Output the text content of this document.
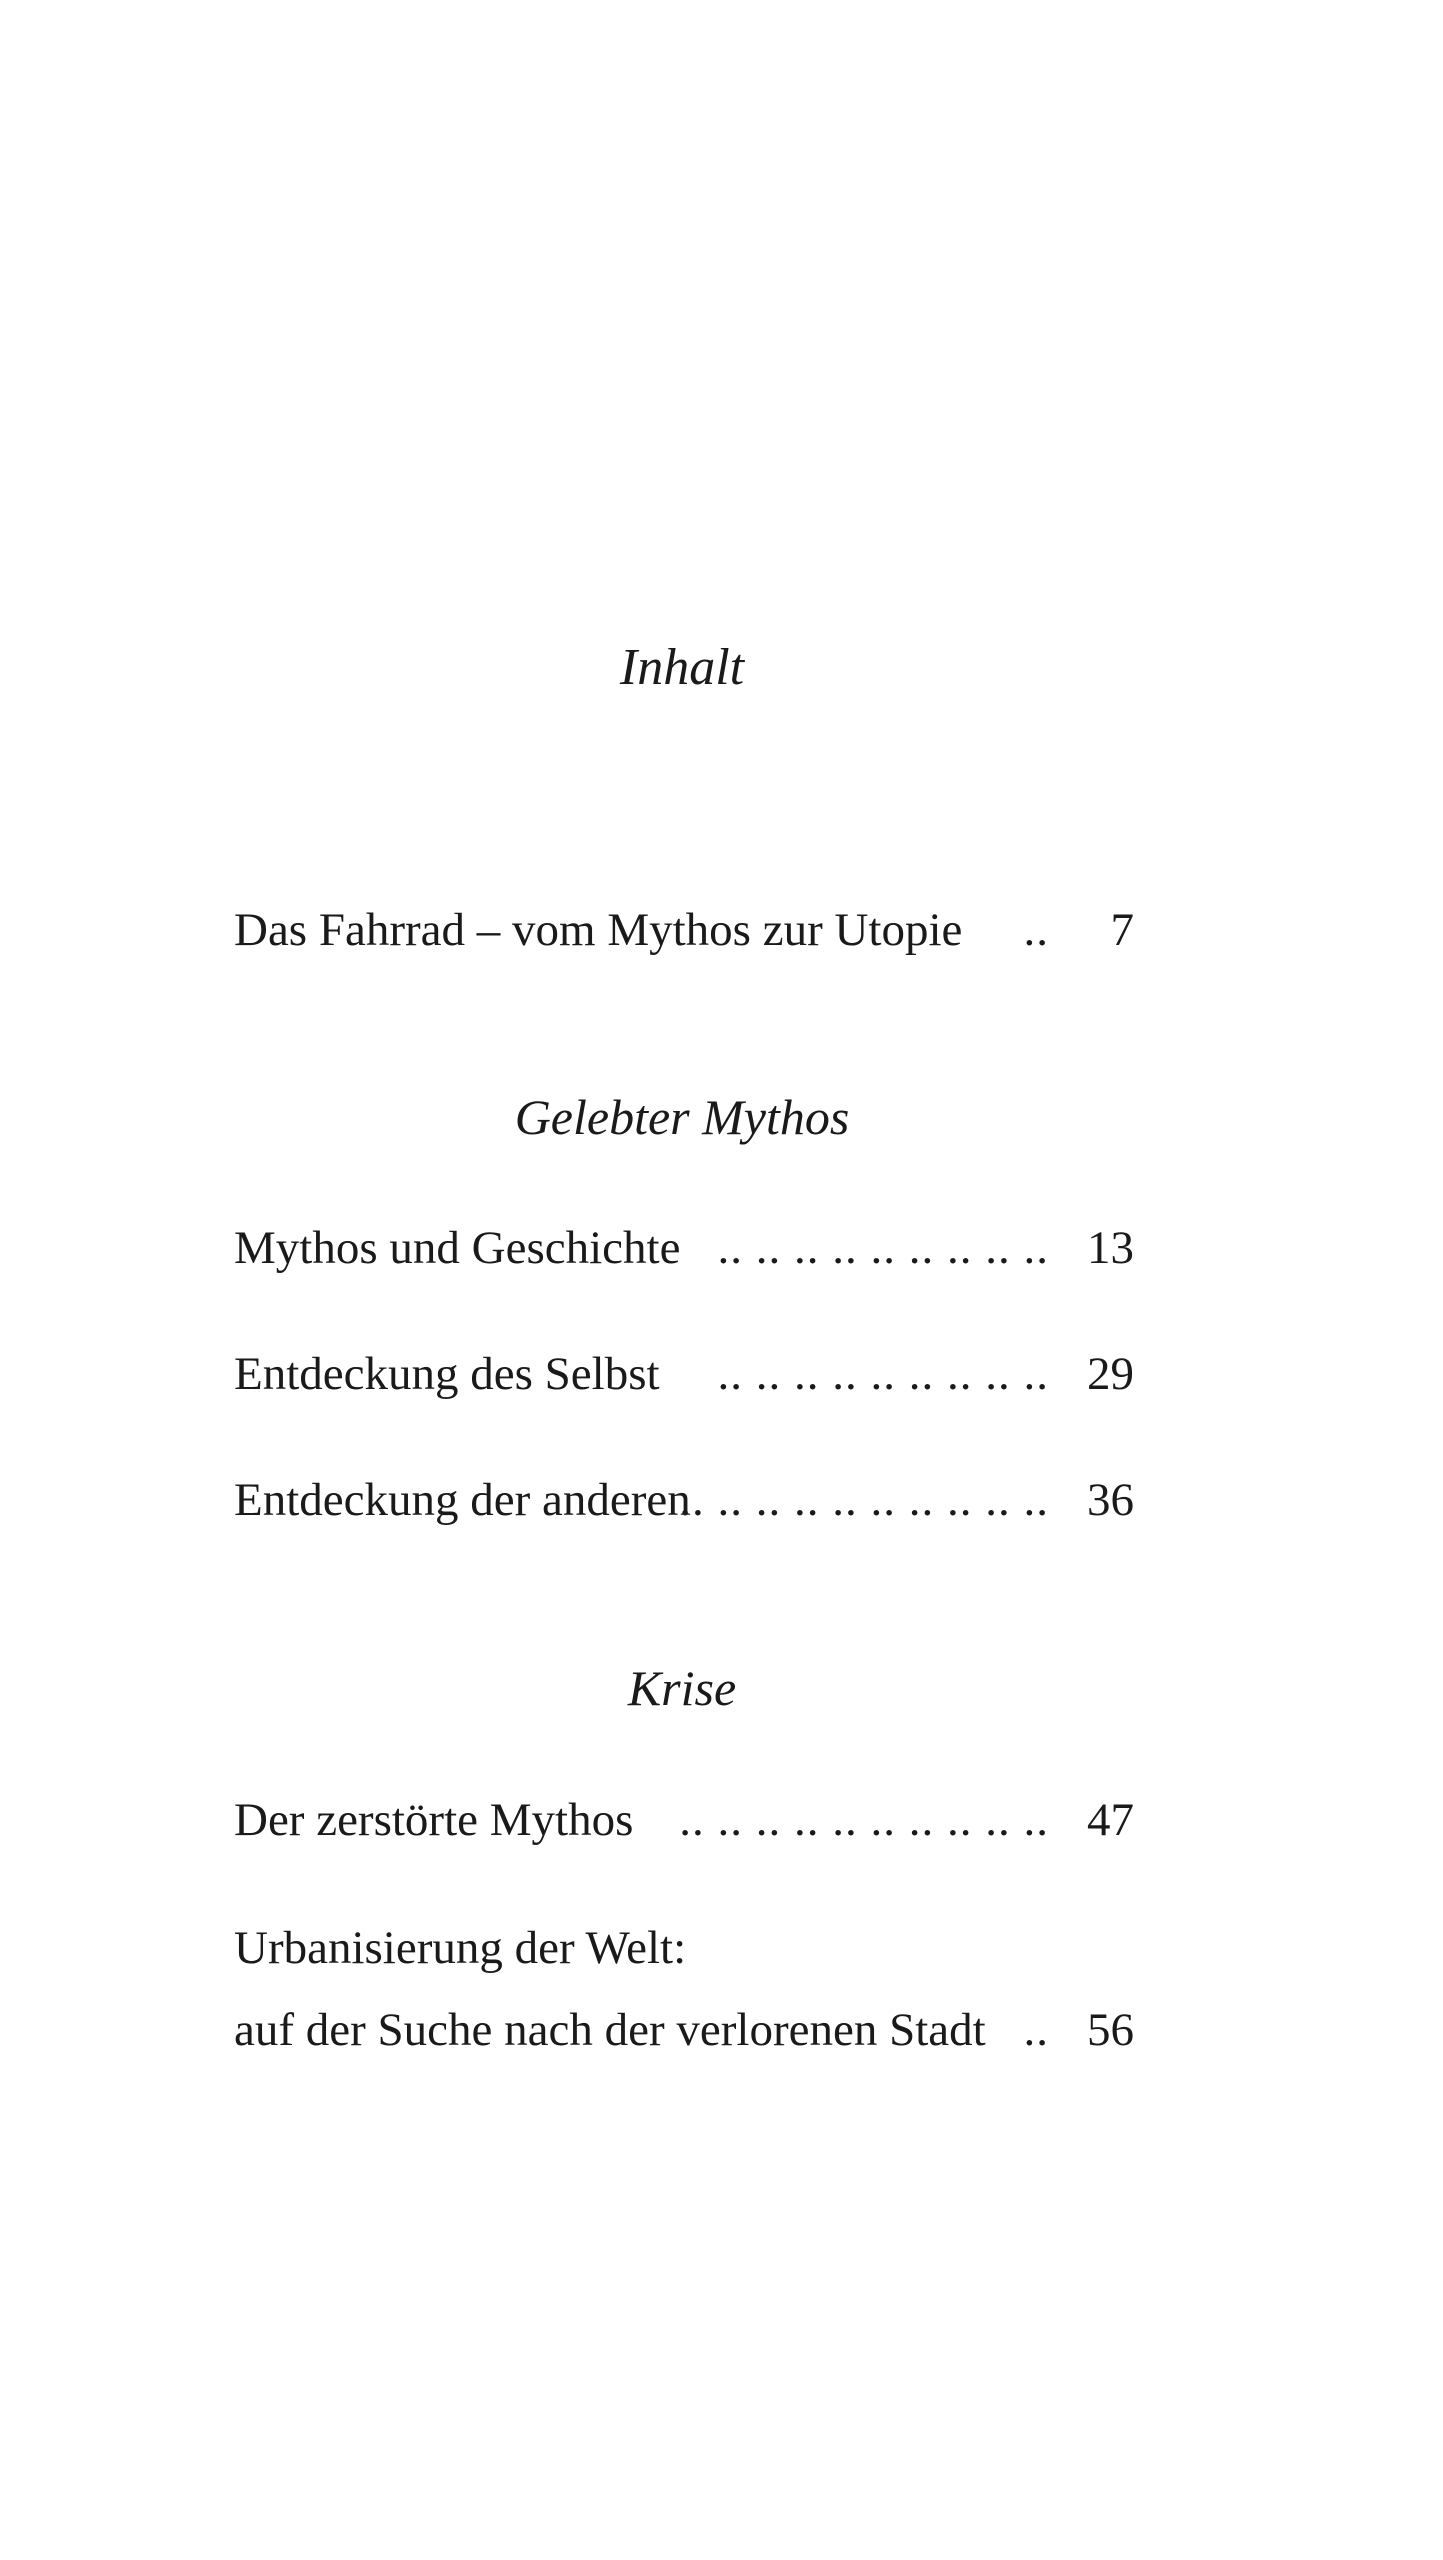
Inhalt
Das Fahrrad – vom Mythos zur Utopie ..	7
Gelebter Mythos
Mythos und Geschichte .. .. .. .. .. .. .. .. .. 13
Entdeckung des Selbst .. .. .. .. .. .. .. .. .. 29
Entdeckung der anderen
.. .. .. .. .. .. .. .. .. .. 36
Krise
Der zerstörte Mythos .. .. .. .. .. .. .. .. .. .. 47
Urbanisierung der Welt:
auf der Suche nach der verlorenen Stadt .. 56
